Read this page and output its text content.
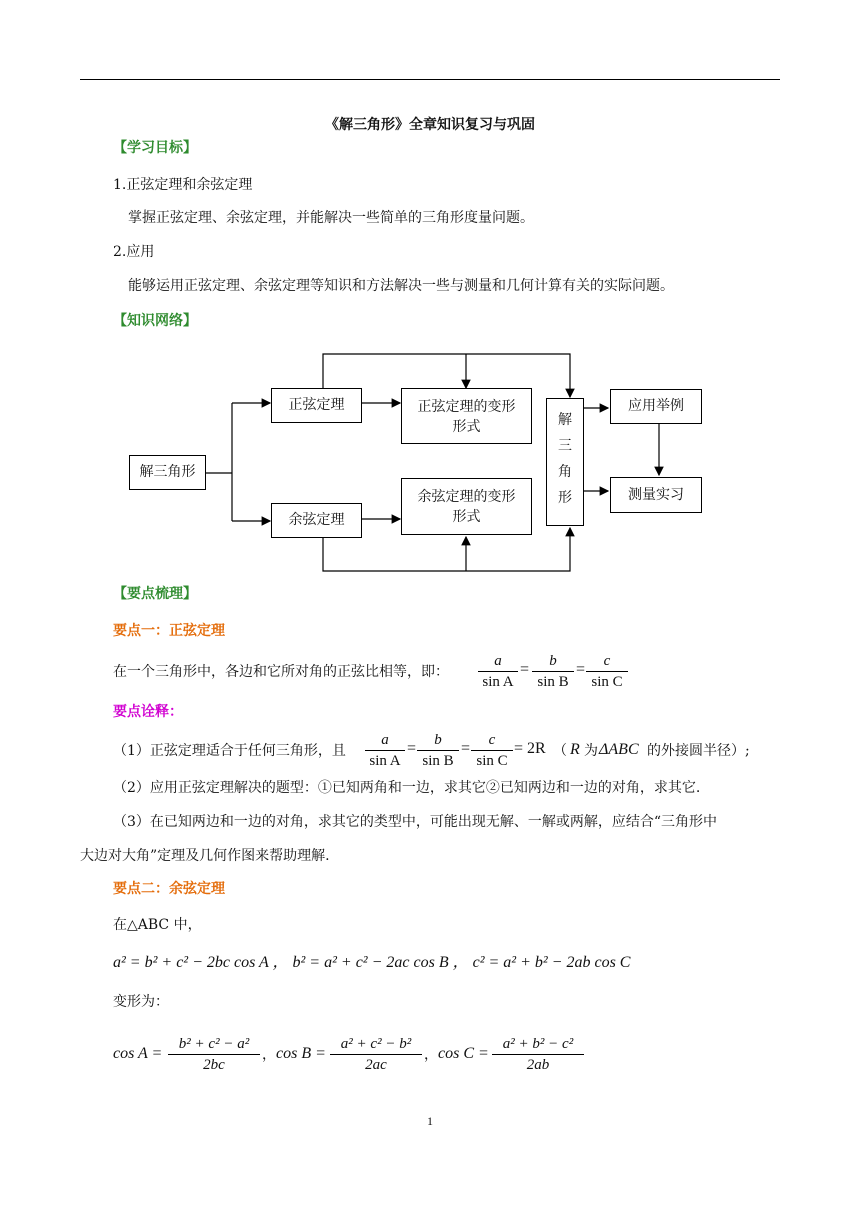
《解三角形》全章知识复习与巩固
【学习目标】
1.正弦定理和余弦定理
掌握正弦定理、余弦定理，并能解决一些简单的三角形度量问题。
2.应用
能够运用正弦定理、余弦定理等知识和方法解决一些与测量和几何计算有关的实际问题。
【知识网络】
解三角形
正弦定理
余弦定理
正弦定理的变形
形式
余弦定理的变形
形式
解
三
角
形
应用举例
测量实习
【要点梳理】
要点一：正弦定理
在一个三角形中，各边和它所对角的正弦比相等，即：
a
sin A
=	b
sin B
=	c
sin C
要点诠释：
（1）正弦定理适合于任何三角形，且
a
sin A
=	b
sin B
=	c
sin C
= 2R （ R 为 ΔABC 的外接圆半径）;
（2）应用正弦定理解决的题型：①已知两角和一边，求其它②已知两边和一边的对角，求其它.
（3）在已知两边和一边的对角，求其它的类型中，可能出现无解、一解或两解，应结合“三角形中
大边对大角”定理及几何作图来帮助理解.
要点二：余弦定理
在△ABC 中，
a² = b² + c² − 2bc cos A ， b² = a² + c² − 2ac cos B ， c² = a² + b² − 2ab cos C
变形为：
cos A =
b² + c² − a²
2bc
， cos B =
a² + c² − b²
2ac
， cos C =
a² + b² − c²
2ab
1
